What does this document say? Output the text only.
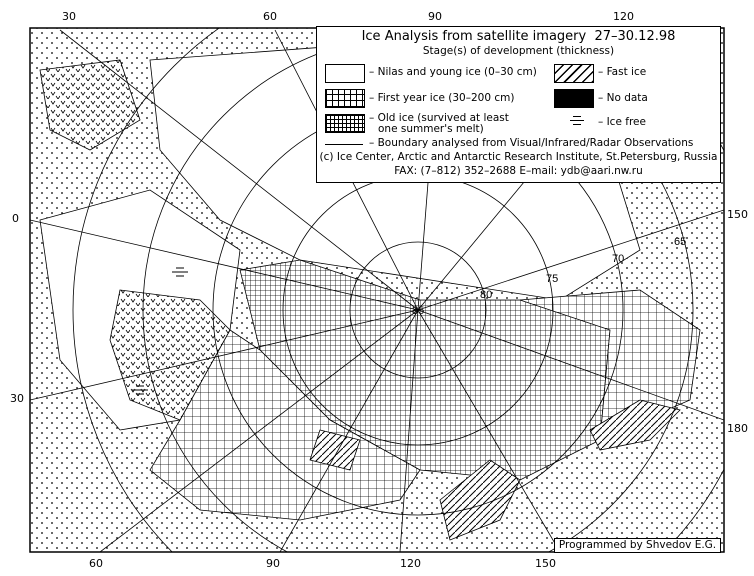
85
80
75
70
65
30	60	90	120
60	90	120	150
0
30
150
180
Ice Analysis from satellite imagery 27–30.12.98
Stage(s) of development (thickness)
– Nilas and young ice (0–30 cm)
– First year ice (30–200 cm)
– Old ice (survived at least
one summer's melt)
– Fast ice
– No data
– Ice free
– Boundary analysed from Visual/Infrared/Radar Observations
(c) Ice Center, Arctic and Antarctic Research Institute, St.Petersburg, Russia
FAX: (7–812) 352–2688 E–mail: ydb@aari.nw.ru
Programmed by Shvedov E.G.
